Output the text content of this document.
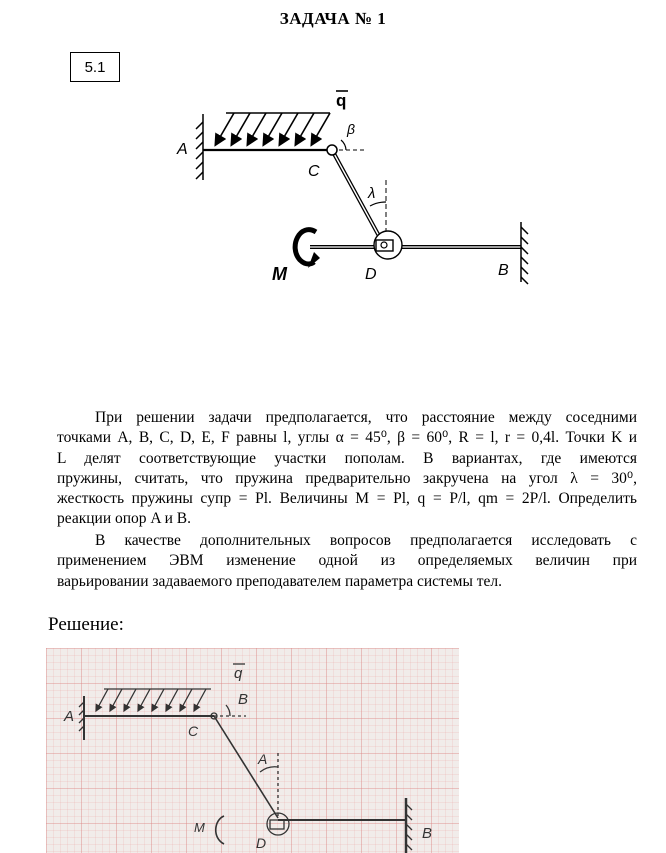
ЗАДАЧА № 1
5.1
q
β
C
A
λ
D	B
M
При решении задачи предполагается, что расстояние между соседними
точками A, B, C, D, E, F равны l, углы α = 45⁰, β = 60⁰, R = l, r = 0,4l. Точки K и
L делят соответствующие участки пополам. В вариантах, где имеются
пружины, считать, что пружина предварительно закручена на угол λ = 30⁰,
жесткость пружины cупр = Pl. Величины M = Pl, q = P/l, qm = 2P/l. Определить
реакции опор A и B.
В качестве дополнительных вопросов предполагается исследовать с
применением ЭВМ изменение одной из определяемых величин при
варьировании задаваемого преподавателем параметра системы тел.
Решение:
q
A
B
C
A
M
D
B
